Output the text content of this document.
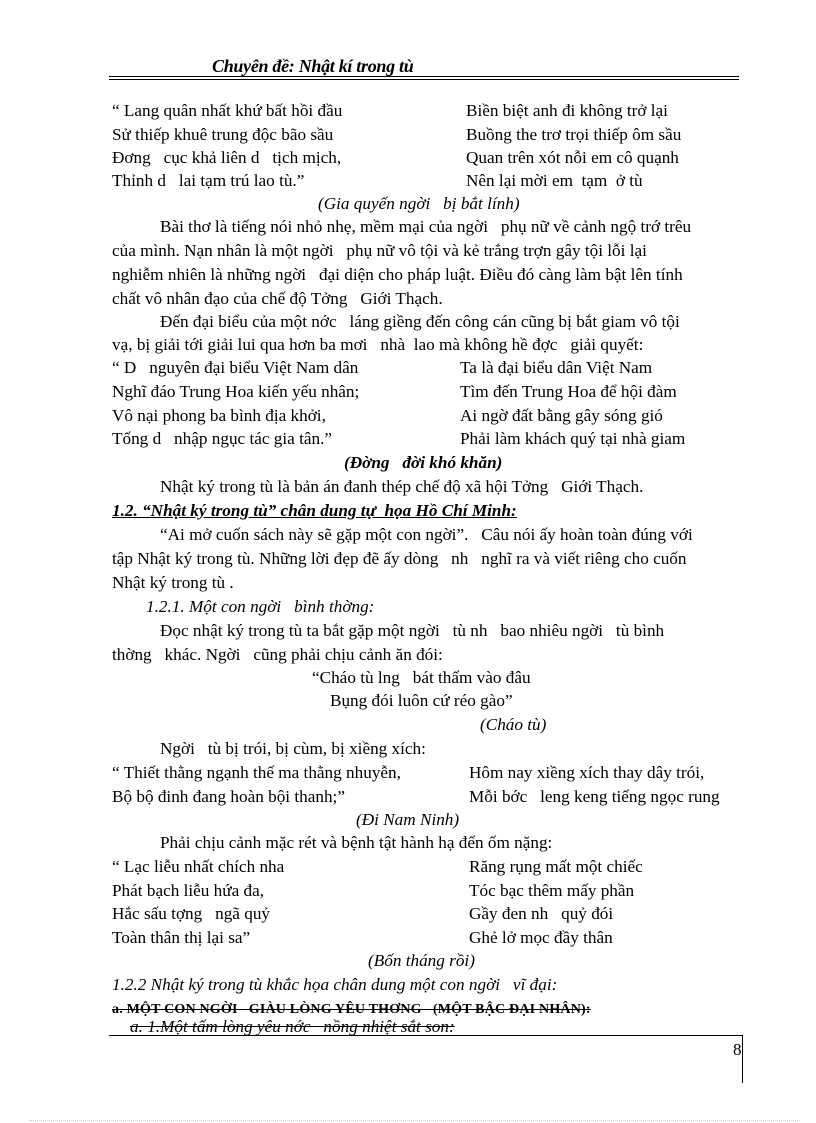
Chuyên đề: Nhật kí trong tù
“ Lang quân nhất khứ bất hồi đầu
Sử thiếp khuê trung độc bão sầu
Đơng   cục khả liên d   tịch mịch,
Thỉnh d   lai tạm trú lao tù.”
Biền biệt anh đi không trở lại
Buồng the trơ trọi thiếp ôm sầu
Quan trên xót nỗi em cô quạnh
Nên lại mời em  tạm  ở tù
(Gia quyến ngời   bị bắt lính)
Bài thơ là tiếng nói nhỏ nhẹ, mềm mại của ngời   phụ nữ về cảnh ngộ trớ trêu
của mình. Nạn nhân là một ngời   phụ nữ vô tội và kẻ trắng trợn gây tội lỗi lại
nghiễm nhiên là những ngời   đại diện cho pháp luật. Điều đó càng làm bật lên tính
chất vô nhân đạo của chế độ Tởng   Giới Thạch.
Đến đại biểu của một nớc   láng giềng đến công cán cũng bị bắt giam vô tội
vạ, bị giải tới giải lui qua hơn ba mơi   nhà  lao mà không hề đợc   giải quyết:
“ D   nguyên đại biểu Việt Nam dân
Nghĩ đáo Trung Hoa kiến yếu nhân;
Vô nại phong ba bình địa khởi,
Tống d   nhập ngục tác gia tân.”
Ta là đại biểu dân Việt Nam
Tìm đến Trung Hoa để hội đàm
Ai ngờ đất bằng gây sóng gió
Phải làm khách quý tại nhà giam
(Đờng   đời khó khăn)
Nhật ký trong tù là bản án đanh thép chế độ xã hội Tởng   Giới Thạch.
1.2. “Nhật ký trong tù” chân dung tự  họa Hồ Chí Minh:
“Ai mở cuốn sách này sẽ gặp một con ngời”.   Câu nói ấy hoàn toàn đúng với
tập Nhật ký trong tù. Những lời đẹp đẽ ấy dòng   nh   nghĩ ra và viết riêng cho cuốn
Nhật ký trong tù .
1.2.1. Một con ngời   bình thờng:
Đọc nhật ký trong tù ta bắt gặp một ngời   tù nh   bao nhiêu ngời   tù bình
thờng   khác. Ngời   cũng phải chịu cảnh ăn đói:
“Cháo tù lng   bát thấm vào đâu
Bụng đói luôn cứ réo gào”
(Cháo tù)
Ngời   tù bị trói, bị cùm, bị xiềng xích:
“ Thiết thằng ngạnh thế ma thằng nhuyễn,
Bộ bộ đinh đang hoàn bội thanh;”
Hôm nay xiềng xích thay dây trói,
Mỗi bớc   leng keng tiếng ngọc rung
(Đi Nam Ninh)
Phải chịu cảnh mặc rét và bệnh tật hành hạ đến ốm nặng:
“ Lạc liễu nhất chích nha
Phát bạch liễu hứa đa,
Hắc sấu tợng   ngã quỷ
Toàn thân thị lại sa”
Răng rụng mất một chiếc
Tóc bạc thêm mấy phần
Gầy đen nh   quỷ đói
Ghẻ lở mọc đầy thân
(Bốn tháng rồi)
1.2.2 Nhật ký trong tù khắc họa chân dung một con ngời   vĩ đại:
a. MỘT CON NGỜI   GIÀU LÒNG YÊU THƠNG   (MỘT BẬC ĐẠI NHÂN):
a. 1.Một tấm lòng yêu nớc   nồng nhiệt sắt son:
8
